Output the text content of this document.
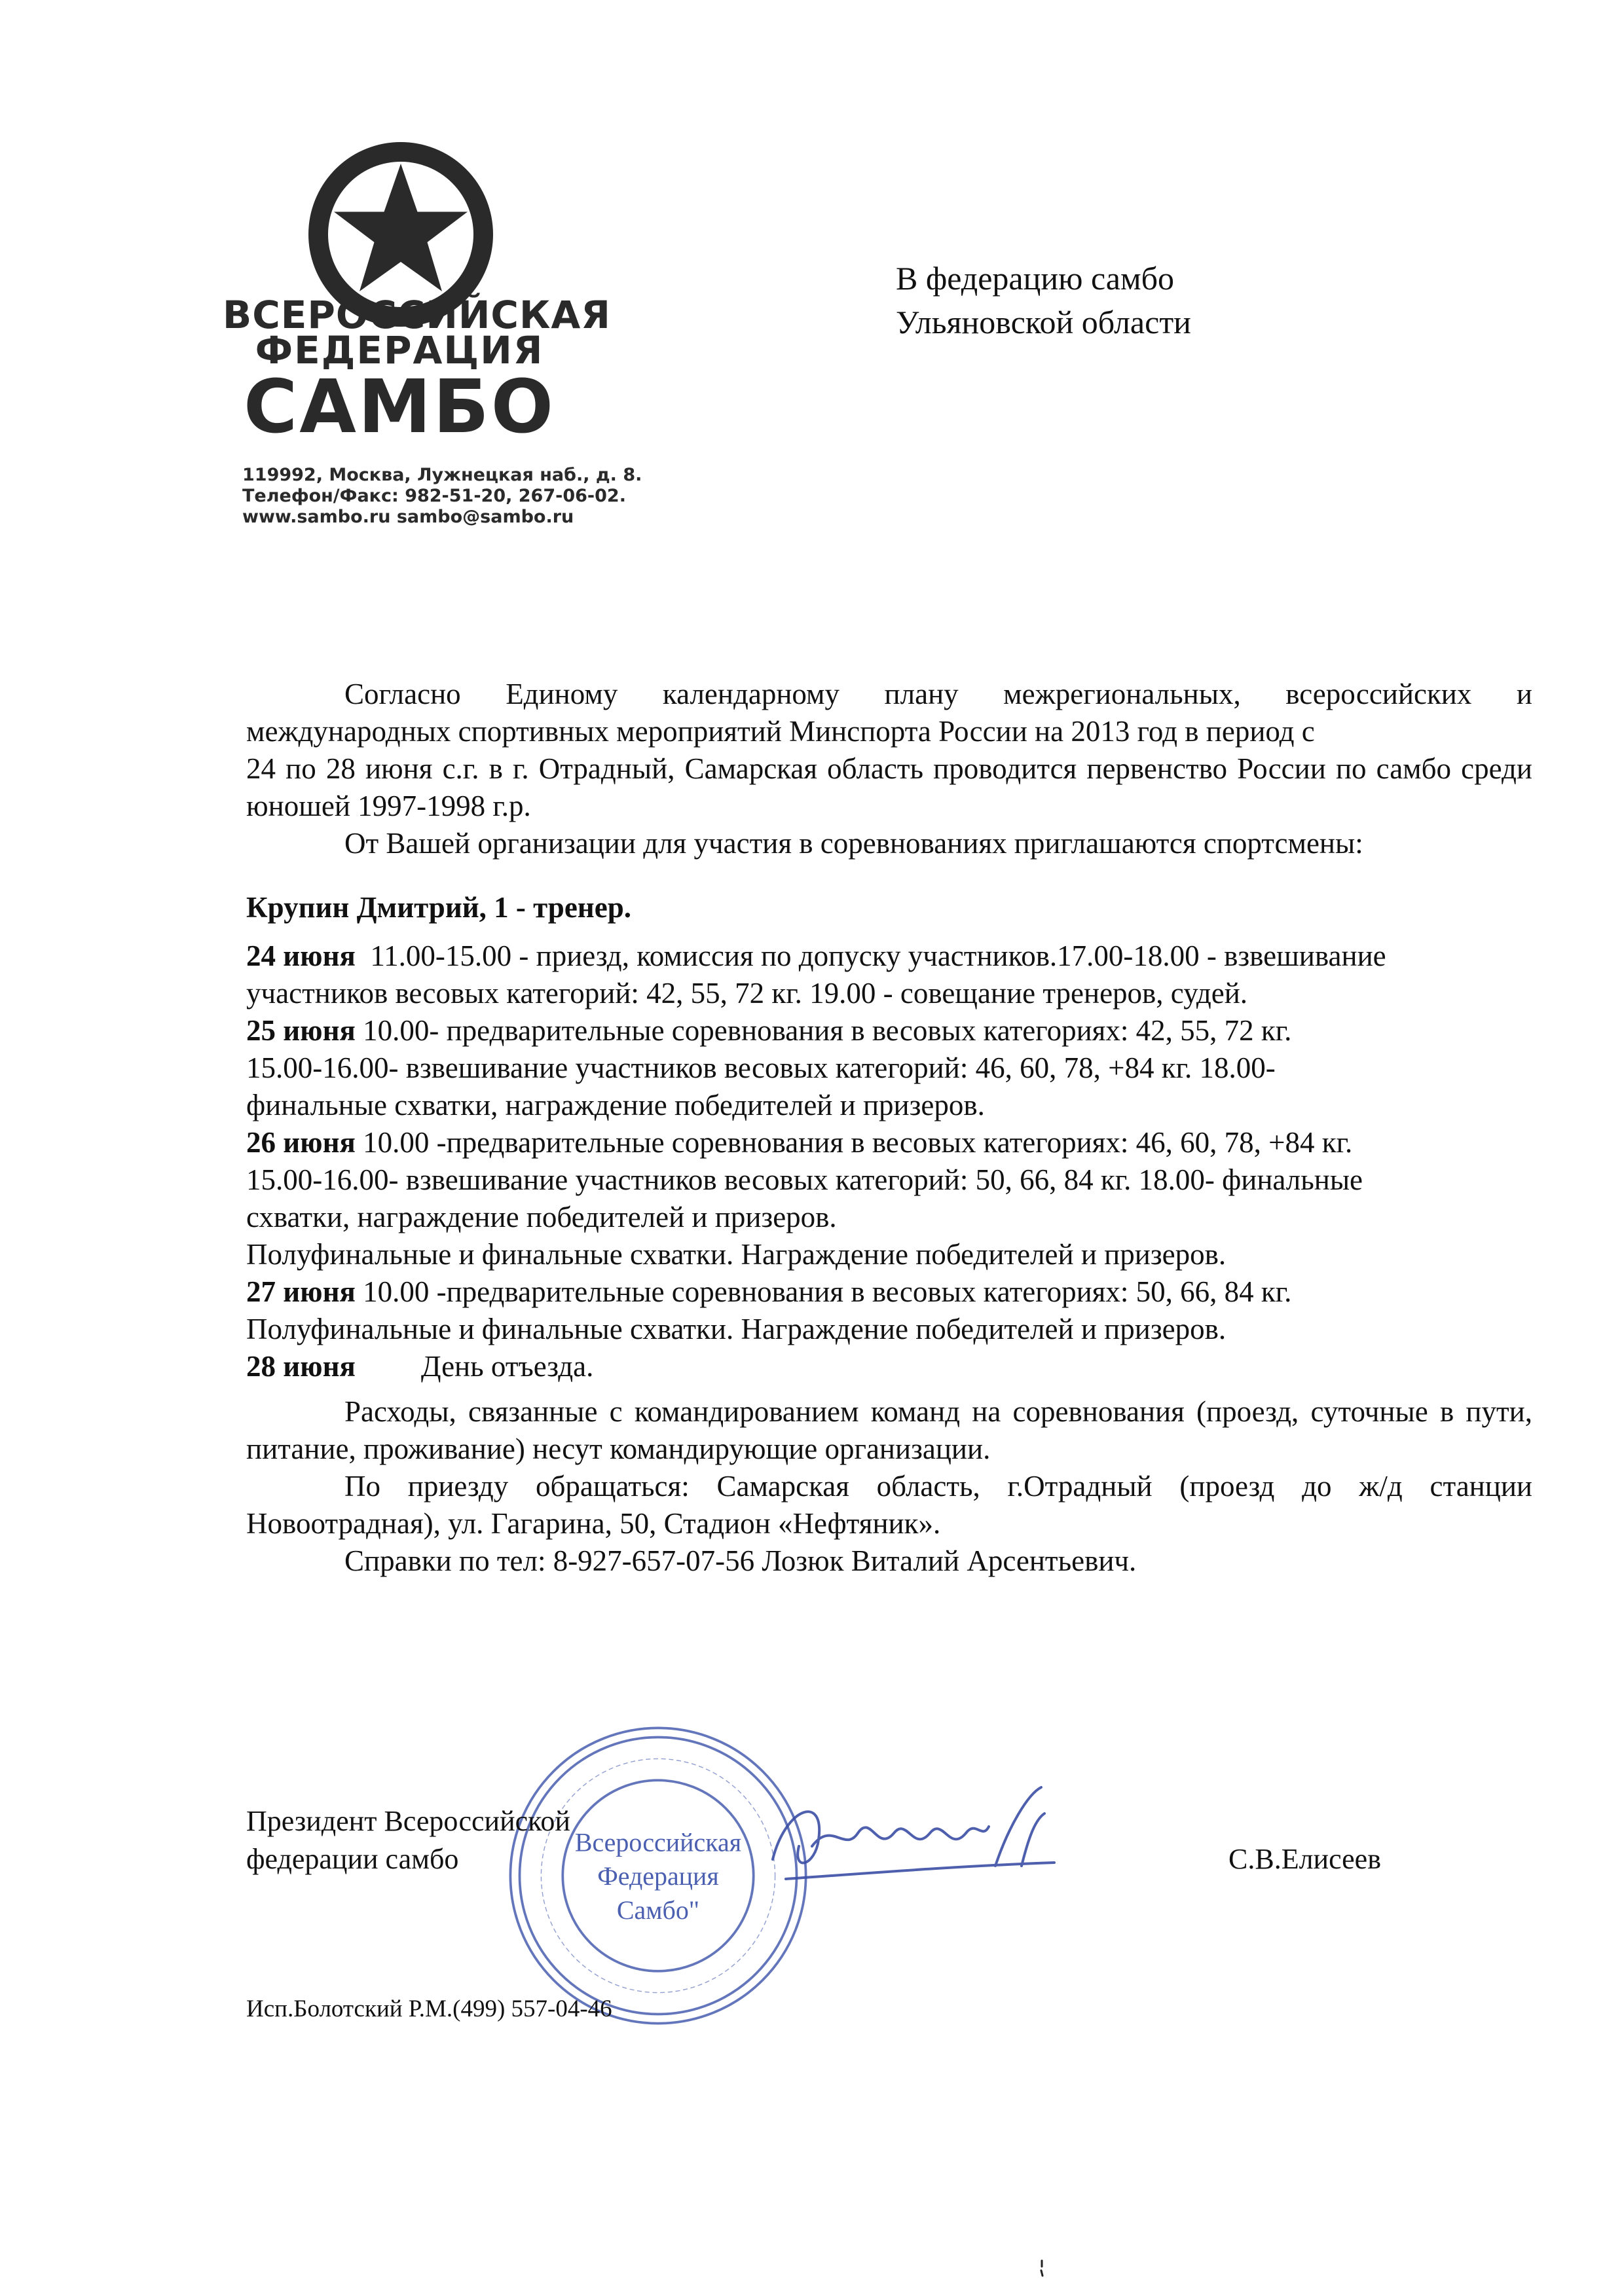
ВСЕРОССИЙСКАЯ
ФЕДЕРАЦИЯ
САМБО
119992, Москва, Лужнецкая наб., д. 8.
Телефон/Факс: 982-51-20, 267-06-02.
www.sambo.ru sambo@sambo.ru
В федерацию самбо
Ульяновской области
Согласно Единому календарному плану межрегиональных, всероссийских и
международных спортивных мероприятий Минспорта России на 2013 год в период с
24 по 28 июня с.г. в г. Отрадный, Самарская область проводится первенство России по самбо среди юношей 1997-1998 г.р.
От Вашей организации для участия в соревнованиях приглашаются спортсмены:
Крупин Дмитрий, 1 - тренер.
24 июня 11.00-15.00 - приезд, комиссия по допуску участников.17.00-18.00 - взвешивание
участников весовых категорий: 42, 55, 72 кг. 19.00 - совещание тренеров, судей.
25 июня 10.00- предварительные соревнования в весовых категориях: 42, 55, 72 кг.
15.00-16.00- взвешивание участников весовых категорий: 46, 60, 78, +84 кг. 18.00-
финальные схватки, награждение победителей и призеров.
26 июня 10.00 -предварительные соревнования в весовых категориях: 46, 60, 78, +84 кг.
15.00-16.00- взвешивание участников весовых категорий: 50, 66, 84 кг. 18.00- финальные
схватки, награждение победителей и призеров.
Полуфинальные и финальные схватки. Награждение победителей и призеров.
27 июня 10.00 -предварительные соревнования в весовых категориях: 50, 66, 84 кг.
Полуфинальные и финальные схватки. Награждение победителей и призеров.
28 июня День отъезда.
Расходы, связанные с командированием команд на соревнования (проезд, суточные в пути, питание, проживание) несут командирующие организации.
По приезду обращаться: Самарская область, г.Отрадный (проезд до ж/д станции Новоотрадная), ул. Гагарина, 50, Стадион «Нефтяник».
Справки по тел: 8-927-657-07-56 Лозюк Виталий Арсентьевич.
Всероссийская
Федерация
Самбо"
Президент Всероссийской
федерации самбо	С.В.Елисеев
Исп.Болотский Р.М.(499) 557-04-46
